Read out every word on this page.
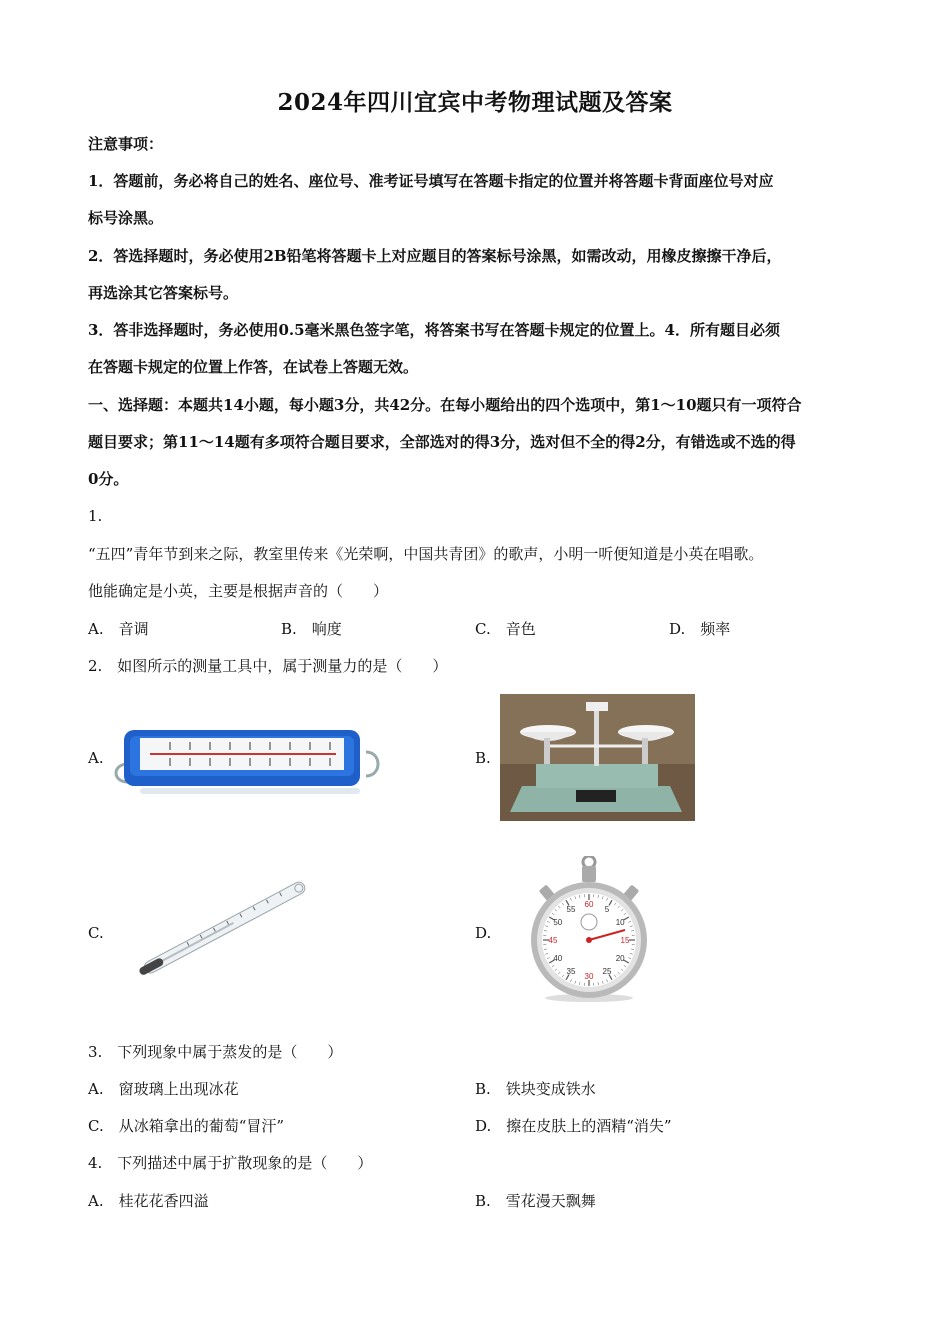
2024年四川宜宾中考物理试题及答案
注意事项：
1．答题前，务必将自己的姓名、座位号、准考证号填写在答题卡指定的位置并将答题卡背面座位号对应
标号涂黑。
2．答选择题时，务必使用2B铅笔将答题卡上对应题目的答案标号涂黑，如需改动，用橡皮擦擦干净后，
再选涂其它答案标号。
3．答非选择题时，务必使用0.5毫米黑色签字笔，将答案书写在答题卡规定的位置上。4．所有题目必须
在答题卡规定的位置上作答，在试卷上答题无效。
一、选择题：本题共14小题，每小题3分，共42分。在每小题给出的四个选项中，第1～10题只有一项符合
题目要求；第11～14题有多项符合题目要求，全部选对的得3分，选对但不全的得2分，有错选或不选的得
0分。
1.
“五四”青年节到来之际，教室里传来《光荣啊，中国共青团》的歌声，小明一听便知道是小英在唱歌。
他能确定是小英，主要是根据声音的（　　）
A.　音调	B.　响度	C.　音色	D.　频率
2.　如图所示的测量工具中，属于测量力的是（　　）
A.	B.
C.	D.
60
5
10
15
20
25
30
35
40
45
50
55
3.　下列现象中属于蒸发的是（　　）
A.　窗玻璃上出现冰花	B.　铁块变成铁水
C.　从冰箱拿出的葡萄“冒汗”	D.　擦在皮肤上的酒精“消失”
4.　下列描述中属于扩散现象的是（　　）
A.　桂花花香四溢	B.　雪花漫天飘舞
